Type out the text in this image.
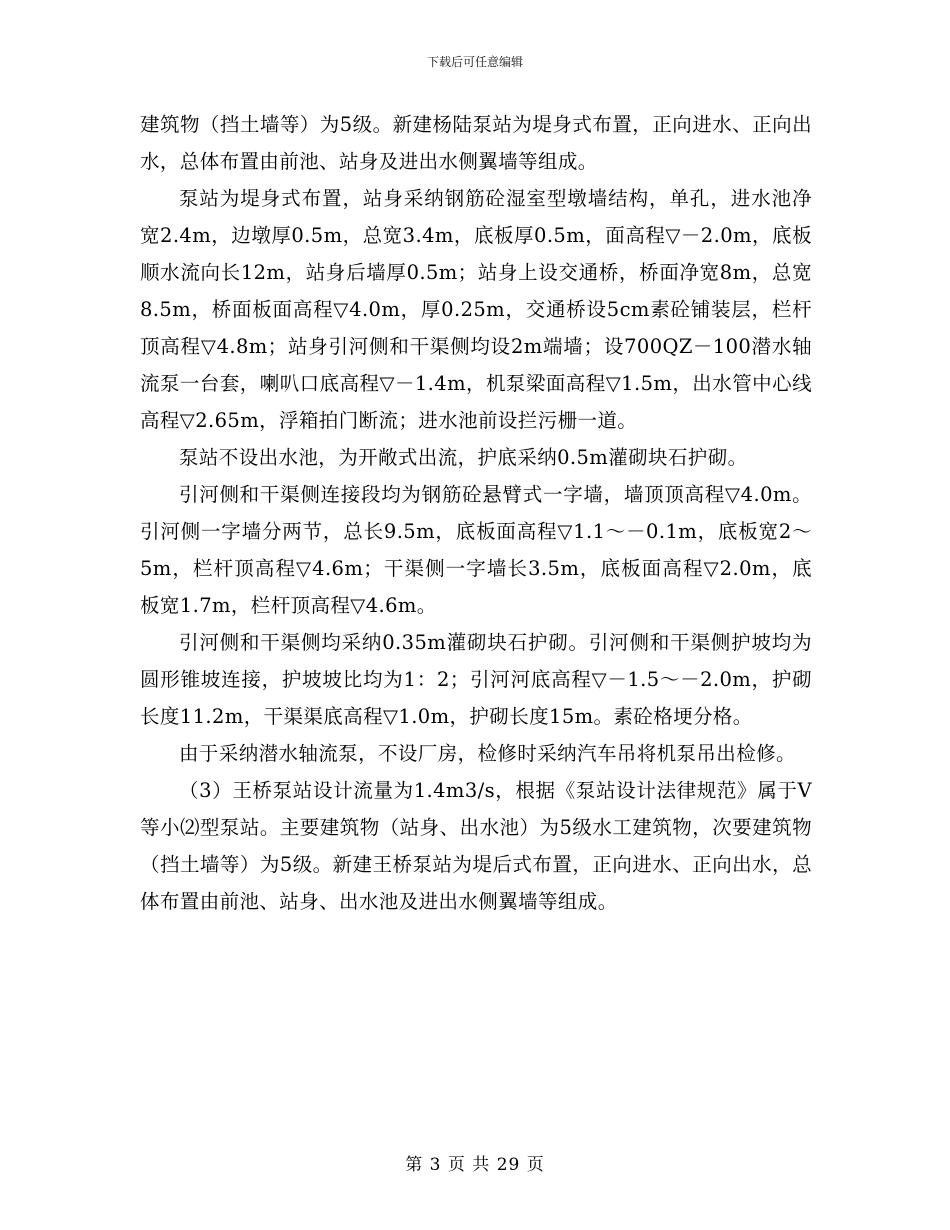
下载后可任意编辑

建筑物（挡土墙等）为5级。新建杨陆泵站为堤身式布置，正向进水、正向出水，总体布置由前池、站身及进出水侧翼墙等组成。

泵站为堤身式布置，站身采纳钢筋砼湿室型墩墙结构，单孔，进水池净宽2.4m，边墩厚0.5m，总宽3.4m，底板厚0.5m，面高程▽－2.0m，底板顺水流向长12m，站身后墙厚0.5m；站身上设交通桥，桥面净宽8m，总宽8.5m，桥面板面高程▽4.0m，厚0.25m，交通桥设5cm素砼铺装层，栏杆顶高程▽4.8m；站身引河侧和干渠侧均设2m端墙；设700QZ－100潜水轴流泵一台套，喇叭口底高程▽－1.4m，机泵梁面高程▽1.5m，出水管中心线高程▽2.65m，浮箱拍门断流；进水池前设拦污栅一道。

泵站不设出水池，为开敞式出流，护底采纳0.5m灌砌块石护砌。

引河侧和干渠侧连接段均为钢筋砼悬臂式一字墙，墙顶顶高程▽4.0m。引河侧一字墙分两节，总长9.5m，底板面高程▽1.1～－0.1m，底板宽2～5m，栏杆顶高程▽4.6m；干渠侧一字墙长3.5m，底板面高程▽2.0m，底板宽1.7m，栏杆顶高程▽4.6m。

引河侧和干渠侧均采纳0.35m灌砌块石护砌。引河侧和干渠侧护坡均为圆形锥坡连接，护坡坡比均为1：2；引河河底高程▽－1.5～－2.0m，护砌长度11.2m，干渠渠底高程▽1.0m，护砌长度15m。素砼格埂分格。

由于采纳潜水轴流泵，不设厂房，检修时采纳汽车吊将机泵吊出检修。

（3）王桥泵站设计流量为1.4m3/s，根据《泵站设计法律规范》属于Ⅴ等小⑵型泵站。主要建筑物（站身、出水池）为5级水工建筑物，次要建筑物（挡土墙等）为5级。新建王桥泵站为堤后式布置，正向进水、正向出水，总体布置由前池、站身、出水池及进出水侧翼墙等组成。

第 3 页 共 29 页
